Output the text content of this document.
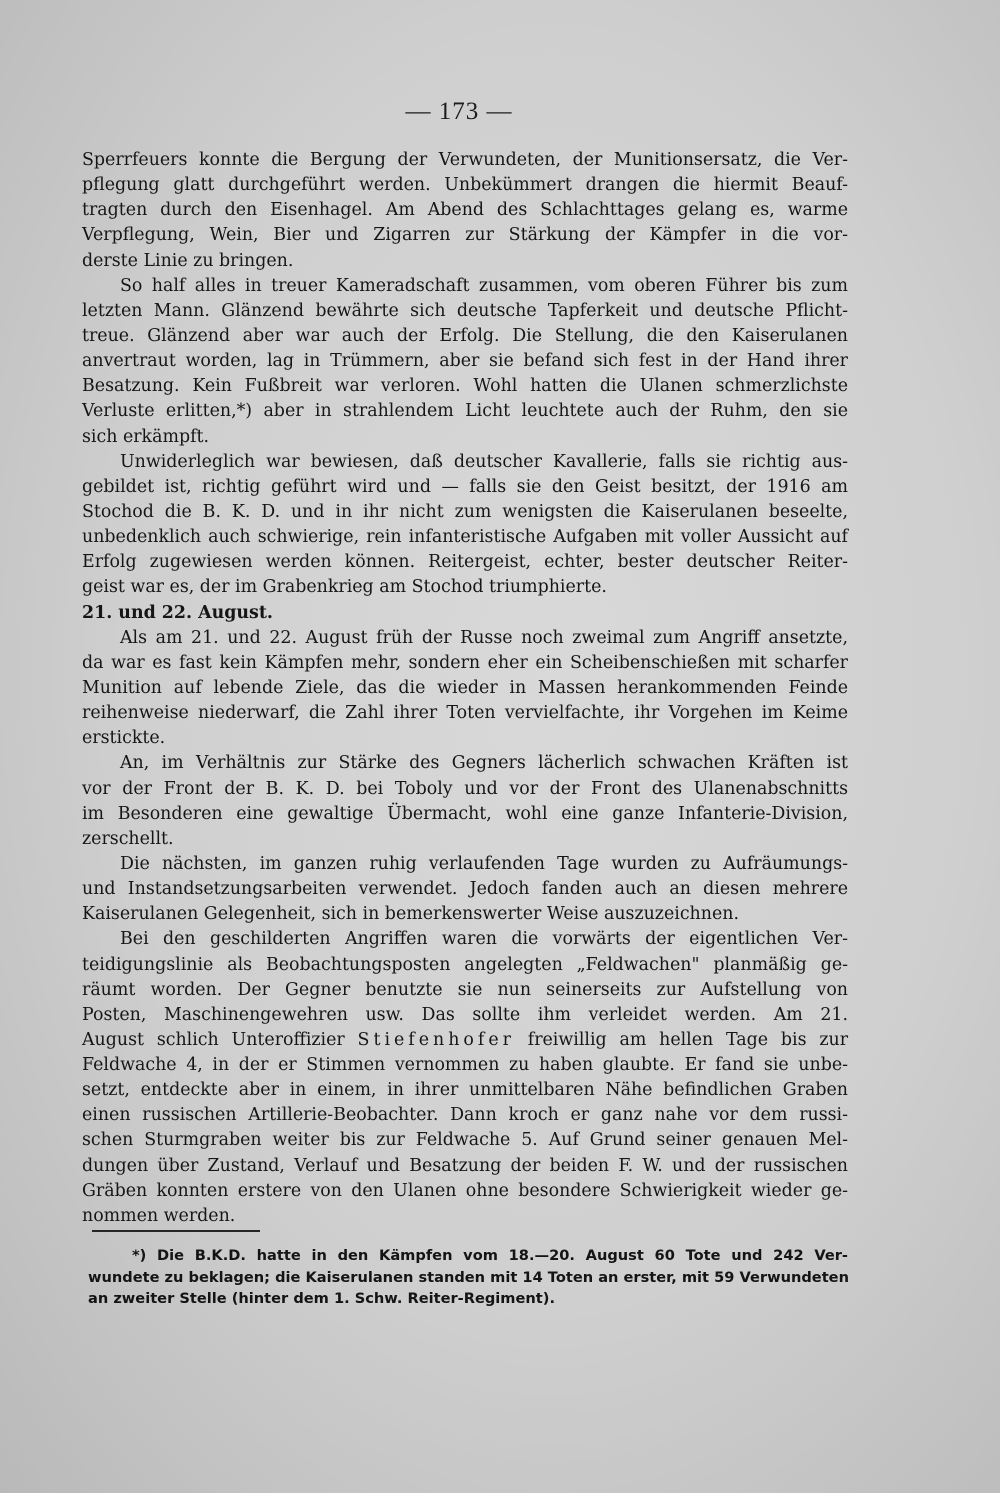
— 173 —
Sperrfeuers konnte die Bergung der Verwundeten, der Munitionsersatz, die Ver-
pflegung glatt durchgeführt werden. Unbekümmert drangen die hiermit Beauf-
tragten durch den Eisenhagel. Am Abend des Schlachttages gelang es, warme
Verpflegung, Wein, Bier und Zigarren zur Stärkung der Kämpfer in die vor-
derste Linie zu bringen.
So half alles in treuer Kameradschaft zusammen, vom oberen Führer bis zum
letzten Mann. Glänzend bewährte sich deutsche Tapferkeit und deutsche Pflicht-
treue. Glänzend aber war auch der Erfolg. Die Stellung, die den Kaiserulanen
anvertraut worden, lag in Trümmern, aber sie befand sich fest in der Hand ihrer
Besatzung. Kein Fußbreit war verloren. Wohl hatten die Ulanen schmerzlichste
Verluste erlitten,*) aber in strahlendem Licht leuchtete auch der Ruhm, den sie
sich erkämpft.
Unwiderleglich war bewiesen, daß deutscher Kavallerie, falls sie richtig aus-
gebildet ist, richtig geführt wird und — falls sie den Geist besitzt, der 1916 am
Stochod die B. K. D. und in ihr nicht zum wenigsten die Kaiserulanen beseelte,
unbedenklich auch schwierige, rein infanteristische Aufgaben mit voller Aussicht auf
Erfolg zugewiesen werden können. Reitergeist, echter, bester deutscher Reiter-
geist war es, der im Grabenkrieg am Stochod triumphierte.
21. und 22. August.
Als am 21. und 22. August früh der Russe noch zweimal zum Angriff ansetzte,
da war es fast kein Kämpfen mehr, sondern eher ein Scheibenschießen mit scharfer
Munition auf lebende Ziele, das die wieder in Massen herankommenden Feinde
reihenweise niederwarf, die Zahl ihrer Toten vervielfachte, ihr Vorgehen im Keime
erstickte.
An, im Verhältnis zur Stärke des Gegners lächerlich schwachen Kräften ist
vor der Front der B. K. D. bei Toboly und vor der Front des Ulanenabschnitts
im Besonderen eine gewaltige Übermacht, wohl eine ganze Infanterie-Division,
zerschellt.
Die nächsten, im ganzen ruhig verlaufenden Tage wurden zu Aufräumungs-
und Instandsetzungsarbeiten verwendet. Jedoch fanden auch an diesen mehrere
Kaiserulanen Gelegenheit, sich in bemerkenswerter Weise auszuzeichnen.
Bei den geschilderten Angriffen waren die vorwärts der eigentlichen Ver-
teidigungslinie als Beobachtungsposten angelegten „Feldwachen" planmäßig ge-
räumt worden. Der Gegner benutzte sie nun seinerseits zur Aufstellung von
Posten, Maschinengewehren usw. Das sollte ihm verleidet werden. Am 21.
August schlich Unteroffizier Stiefenhofer freiwillig am hellen Tage bis zur
Feldwache 4, in der er Stimmen vernommen zu haben glaubte. Er fand sie unbe-
setzt, entdeckte aber in einem, in ihrer unmittelbaren Nähe befindlichen Graben
einen russischen Artillerie-Beobachter. Dann kroch er ganz nahe vor dem russi-
schen Sturmgraben weiter bis zur Feldwache 5. Auf Grund seiner genauen Mel-
dungen über Zustand, Verlauf und Besatzung der beiden F. W. und der russischen
Gräben konnten erstere von den Ulanen ohne besondere Schwierigkeit wieder ge-
nommen werden.
*) Die B.K.D. hatte in den Kämpfen vom 18.—20. August 60 Tote und 242 Ver-
wundete zu beklagen; die Kaiserulanen standen mit 14 Toten an erster, mit 59 Verwundeten
an zweiter Stelle (hinter dem 1. Schw. Reiter-Regiment).
